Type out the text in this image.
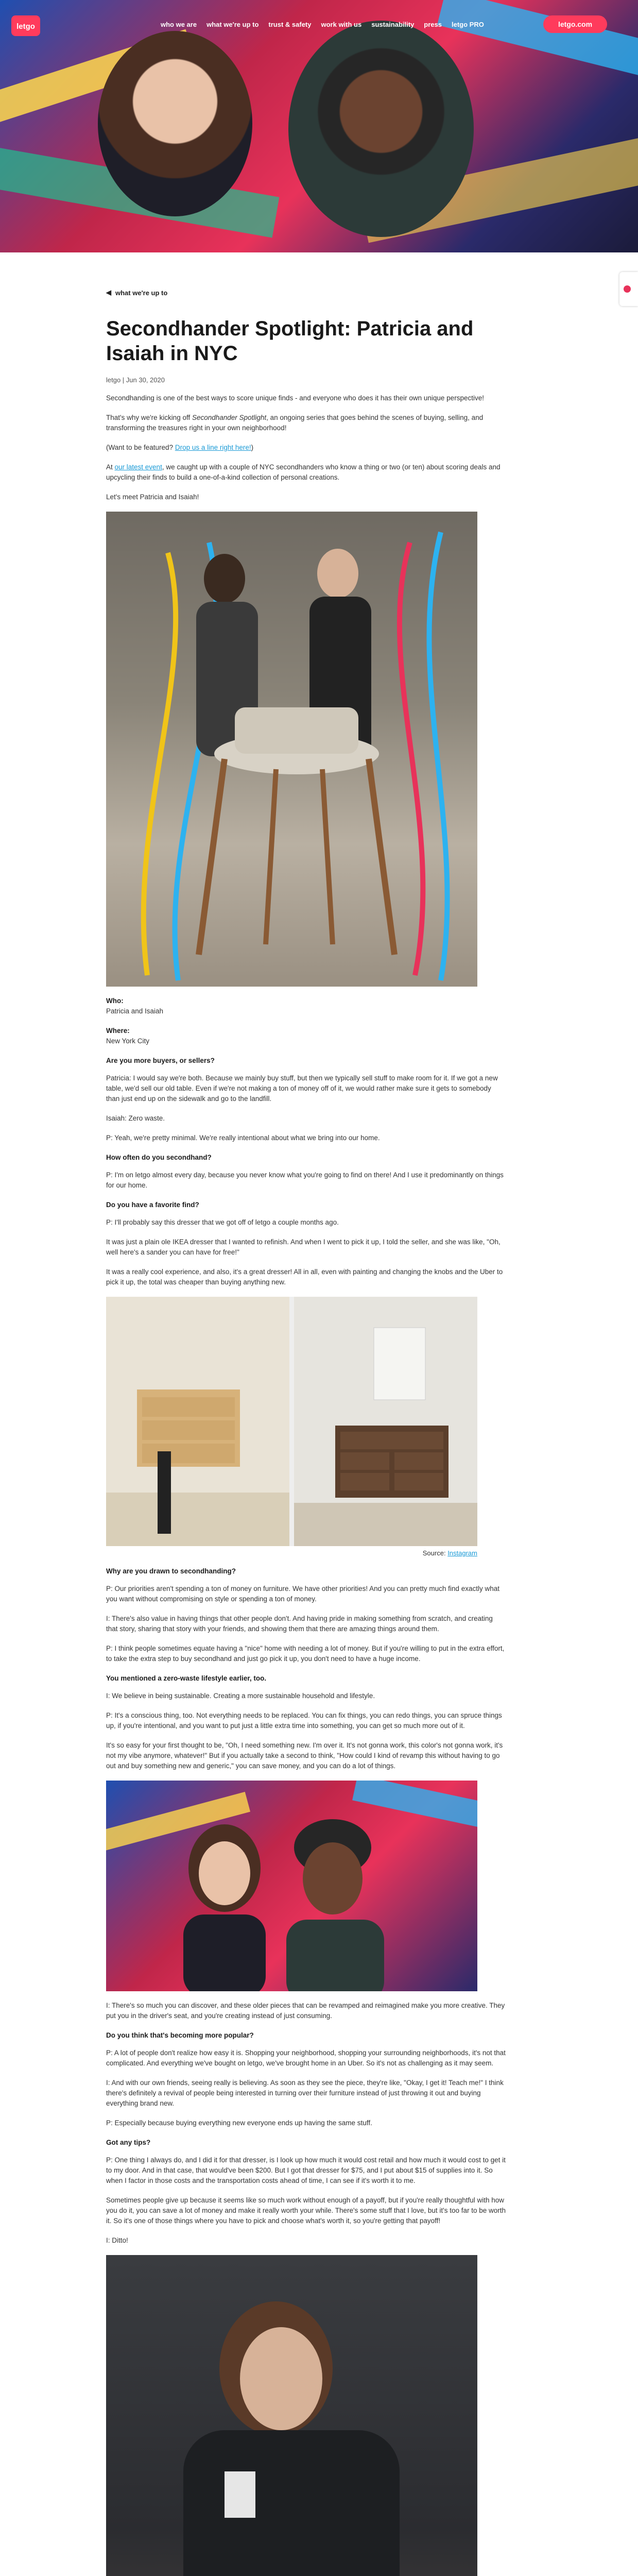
letgo	who we are what we're up to trust & safety work with us sustainability press letgo PRO	letgo.com
◀ what we're up to
Secondhander Spotlight: Patricia and Isaiah in NYC
letgo | Jun 30, 2020

Secondhanding is one of the best ways to score unique finds - and everyone who does it has their own unique perspective!

That's why we're kicking off Secondhander Spotlight, an ongoing series that goes behind the scenes of buying, selling, and transforming the treasures right in your own neighborhood!

(Want to be featured? Drop us a line right here!)

At our latest event, we caught up with a couple of NYC secondhanders who know a thing or two (or ten) about scoring deals and upcycling their finds to build a one-of-a-kind collection of personal creations.

Let's meet Patricia and Isaiah!

Who:
Patricia and Isaiah

Where:
New York City

Are you more buyers, or sellers?

Patricia: I would say we're both. Because we mainly buy stuff, but then we typically sell stuff to make room for it. If we got a new table, we'd sell our old table. Even if we're not making a ton of money off of it, we would rather make sure it gets to somebody than just end up on the sidewalk and go to the landfill.

Isaiah: Zero waste.

P: Yeah, we're pretty minimal. We're really intentional about what we bring into our home.

How often do you secondhand?

P: I'm on letgo almost every day, because you never know what you're going to find on there! And I use it predominantly on things for our home.

Do you have a favorite find?

P: I'll probably say this dresser that we got off of letgo a couple months ago.

It was just a plain ole IKEA dresser that I wanted to refinish. And when I went to pick it up, I told the seller, and she was like, "Oh, well here's a sander you can have for free!"

It was a really cool experience, and also, it's a great dresser! All in all, even with painting and changing the knobs and the Uber to pick it up, the total was cheaper than buying anything new.

Source: Instagram

Why are you drawn to secondhanding?

P: Our priorities aren't spending a ton of money on furniture. We have other priorities! And you can pretty much find exactly what you want without compromising on style or spending a ton of money.

I: There's also value in having things that other people don't. And having pride in making something from scratch, and creating that story, sharing that story with your friends, and showing them that there are amazing things around them.

P: I think people sometimes equate having a "nice" home with needing a lot of money. But if you're willing to put in the extra effort, to take the extra step to buy secondhand and just go pick it up, you don't need to have a huge income.

You mentioned a zero-waste lifestyle earlier, too.

I: We believe in being sustainable. Creating a more sustainable household and lifestyle.

P: It's a conscious thing, too. Not everything needs to be replaced. You can fix things, you can redo things, you can spruce things up, if you're intentional, and you want to put just a little extra time into something, you can get so much more out of it.

It's so easy for your first thought to be, "Oh, I need something new. I'm over it. It's not gonna work, this color's not gonna work, it's not my vibe anymore, whatever!" But if you actually take a second to think, "How could I kind of revamp this without having to go out and buy something new and generic," you can save money, and you can do a lot of things.

I: There's so much you can discover, and these older pieces that can be revamped and reimagined make you more creative. They put you in the driver's seat, and you're creating instead of just consuming.

Do you think that's becoming more popular?

P: A lot of people don't realize how easy it is. Shopping your neighborhood, shopping your surrounding neighborhoods, it's not that complicated. And everything we've bought on letgo, we've brought home in an Uber. So it's not as challenging as it may seem.

I: And with our own friends, seeing really is believing. As soon as they see the piece, they're like, "Okay, I get it! Teach me!" I think there's definitely a revival of people being interested in turning over their furniture instead of just throwing it out and buying everything brand new.

P: Especially because buying everything new everyone ends up having the same stuff.

Got any tips?

P: One thing I always do, and I did it for that dresser, is I look up how much it would cost retail and how much it would cost to get it to my door. And in that case, that would've been $200. But I got that dresser for $75, and I put about $15 of supplies into it. So when I factor in those costs and the transportation costs ahead of time, I can see if it's worth it to me.

Sometimes people give up because it seems like so much work without enough of a payoff, but if you're really thoughtful with how you do it, you can save a lot of money and make it really worth your while. There's some stuff that I love, but it's too far to be worth it. So it's one of those things where you have to pick and choose what's worth it, so you're getting that payoff!

I: Ditto!
